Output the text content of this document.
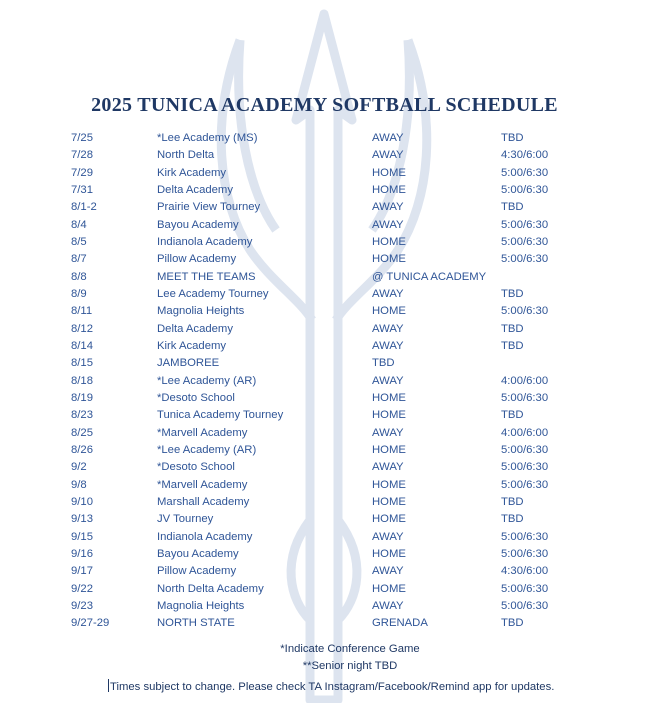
2025 TUNICA ACADEMY SOFTBALL SCHEDULE
7/25	*Lee Academy (MS)	AWAY	TBD
7/28	North Delta	AWAY	4:30/6:00
7/29	Kirk Academy	HOME	5:00/6:30
7/31	Delta Academy	HOME	5:00/6:30
8/1-2	Prairie View Tourney	AWAY	TBD
8/4	Bayou Academy	AWAY	5:00/6:30
8/5	Indianola Academy	HOME	5:00/6:30
8/7	Pillow Academy	HOME	5:00/6:30
8/8	MEET THE TEAMS	@ TUNICA ACADEMY
8/9	Lee Academy Tourney	AWAY	TBD
8/11	Magnolia Heights	HOME	5:00/6:30
8/12	Delta Academy	AWAY	TBD
8/14	Kirk Academy	AWAY	TBD
8/15	JAMBOREE	TBD
8/18	*Lee Academy (AR)	AWAY	4:00/6:00
8/19	*Desoto School	HOME	5:00/6:30
8/23	Tunica Academy Tourney	HOME	TBD
8/25	*Marvell Academy	AWAY	4:00/6:00
8/26	*Lee Academy (AR)	HOME	5:00/6:30
9/2	*Desoto School	AWAY	5:00/6:30
9/8	*Marvell Academy	HOME	5:00/6:30
9/10	Marshall Academy	HOME	TBD
9/13	JV Tourney	HOME	TBD
9/15	Indianola Academy	AWAY	5:00/6:30
9/16	Bayou Academy	HOME	5:00/6:30
9/17	Pillow Academy	AWAY	4:30/6:00
9/22	North Delta Academy	HOME	5:00/6:30
9/23	Magnolia Heights	AWAY	5:00/6:30
9/27-29	NORTH STATE	GRENADA	TBD
*Indicate Conference Game
**Senior night TBD
Times subject to change. Please check TA Instagram/Facebook/Remind app for updates.
